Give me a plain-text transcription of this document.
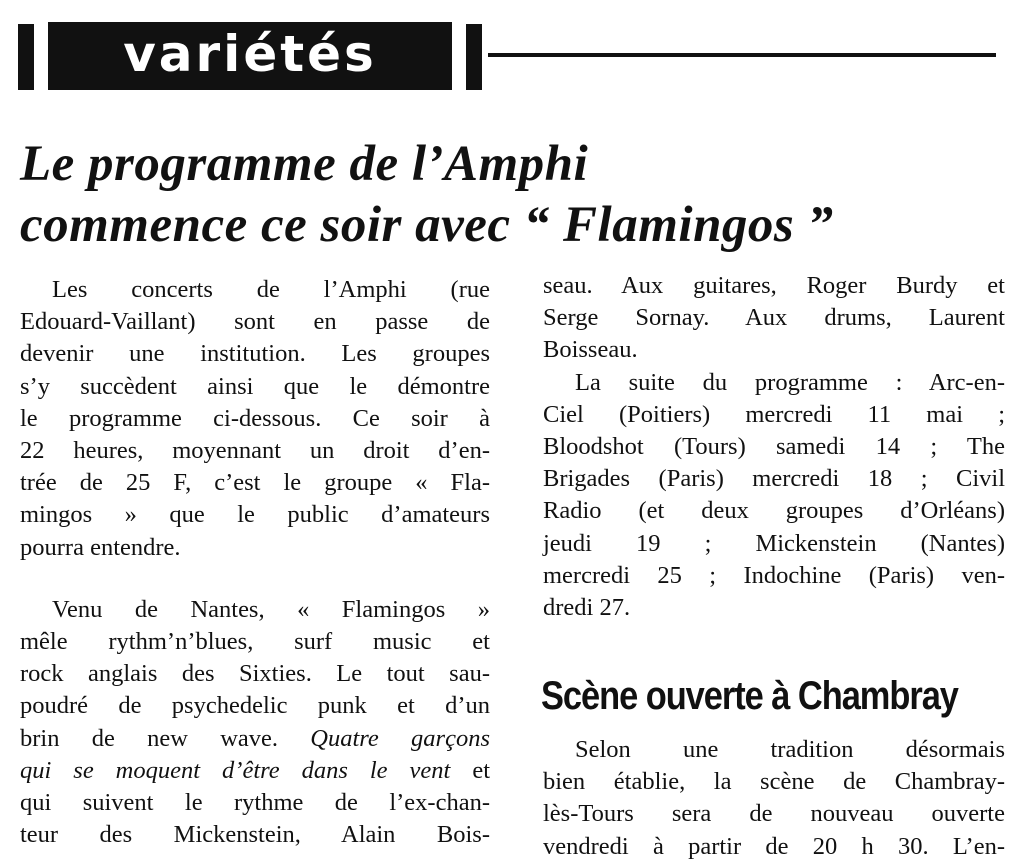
variétés
Le programme de l’Amphi
commence ce soir avec “ Flamingos ”

Les concerts de l’Amphi (rue
Edouard-Vaillant) sont en passe de
devenir une institution. Les groupes
s’y succèdent ainsi que le démontre
le programme ci-dessous. Ce soir à
22 heures, moyennant un droit d’en-
trée de 25 F, c’est le groupe « Fla-
mingos » que le public d’amateurs
pourra entendre.

Venu de Nantes, « Flamingos »
mêle rythm’n’blues, surf music et
rock anglais des Sixties. Le tout sau-
poudré de psychedelic punk et d’un
brin de new wave. Quatre garçons
qui se moquent d’être dans le vent et
qui suivent le rythme de l’ex-chan-
teur des Mickenstein, Alain Bois-

seau. Aux guitares, Roger Burdy et
Serge Sornay. Aux drums, Laurent
Boisseau.

La suite du programme : Arc-en-
Ciel (Poitiers) mercredi 11 mai ;
Bloodshot (Tours) samedi 14 ; The
Brigades (Paris) mercredi 18 ; Civil
Radio (et deux groupes d’Orléans)
jeudi 19 ; Mickenstein (Nantes)
mercredi 25 ; Indochine (Paris) ven-
dredi 27.

Scène ouverte à Chambray

Selon une tradition désormais
bien établie, la scène de Chambray-
lès-Tours sera de nouveau ouverte
vendredi à partir de 20 h 30. L’en-
